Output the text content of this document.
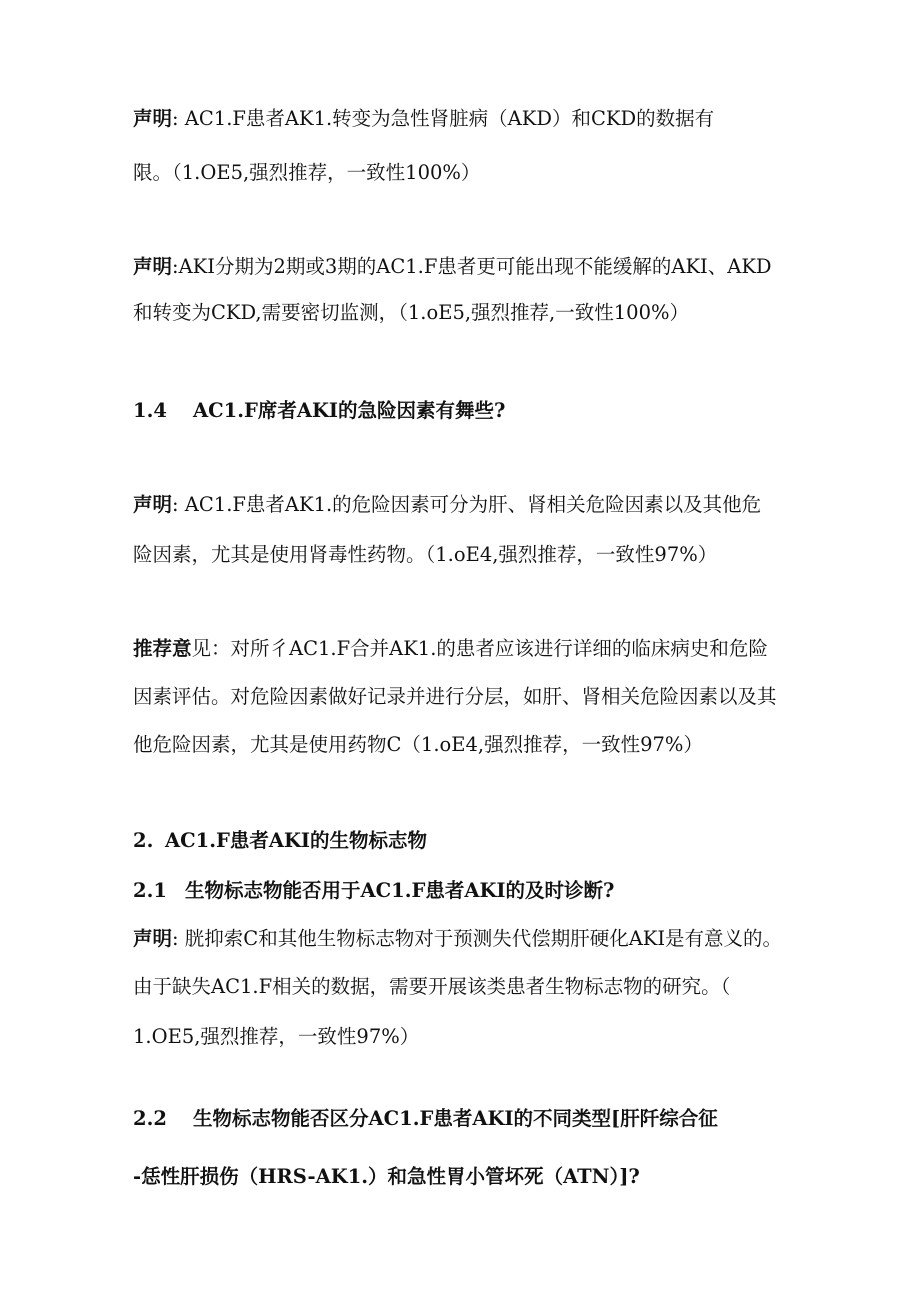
声明: AC1.F患者AK1.转变为急性肾脏病（AKD）和CKD的数据有

限。（1.OE5,强烈推荐，一致性100%）

声明:AKI分期为2期或3期的AC1.F患者更可能出现不能缓解的AKI、AKD

和转变为CKD,需要密切监测，（1.oE5,强烈推荐,一致性100%）

1.4 AC1.F席者AKI的急险因素有舞些?

声明: AC1.F患者AK1.的危险因素可分为肝、肾相关危险因素以及其他危

险因素，尤其是使用肾毒性药物。（1.oE4,强烈推荐，一致性97%）

推荐意见：对所彳AC1.F合并AK1.的患者应该进行详细的临床病史和危险

因素评估。对危险因素做好记录并进行分层，如肝、肾相关危险因素以及其

他危险因素，尤其是使用药物C（1.oE4,强烈推荐，一致性97%）

2. AC1.F患者AKI的生物标志物

2.1 生物标志物能否用于AC1.F患者AKI的及时诊断?

声明: 胱抑索C和其他生物标志物对于预测失代偿期肝硬化AKI是有意义的。

由于缺失AC1.F相关的数据，需要开展该类患者生物标志物的研究。（

1.OE5,强烈推荐，一致性97%）

2.2 生物标志物能否区分AC1.F患者AKI的不同类型[肝阡综合征

-恁性肝损伤（HRS-AK1.）和急性胃小管坏死（ATN）]?
